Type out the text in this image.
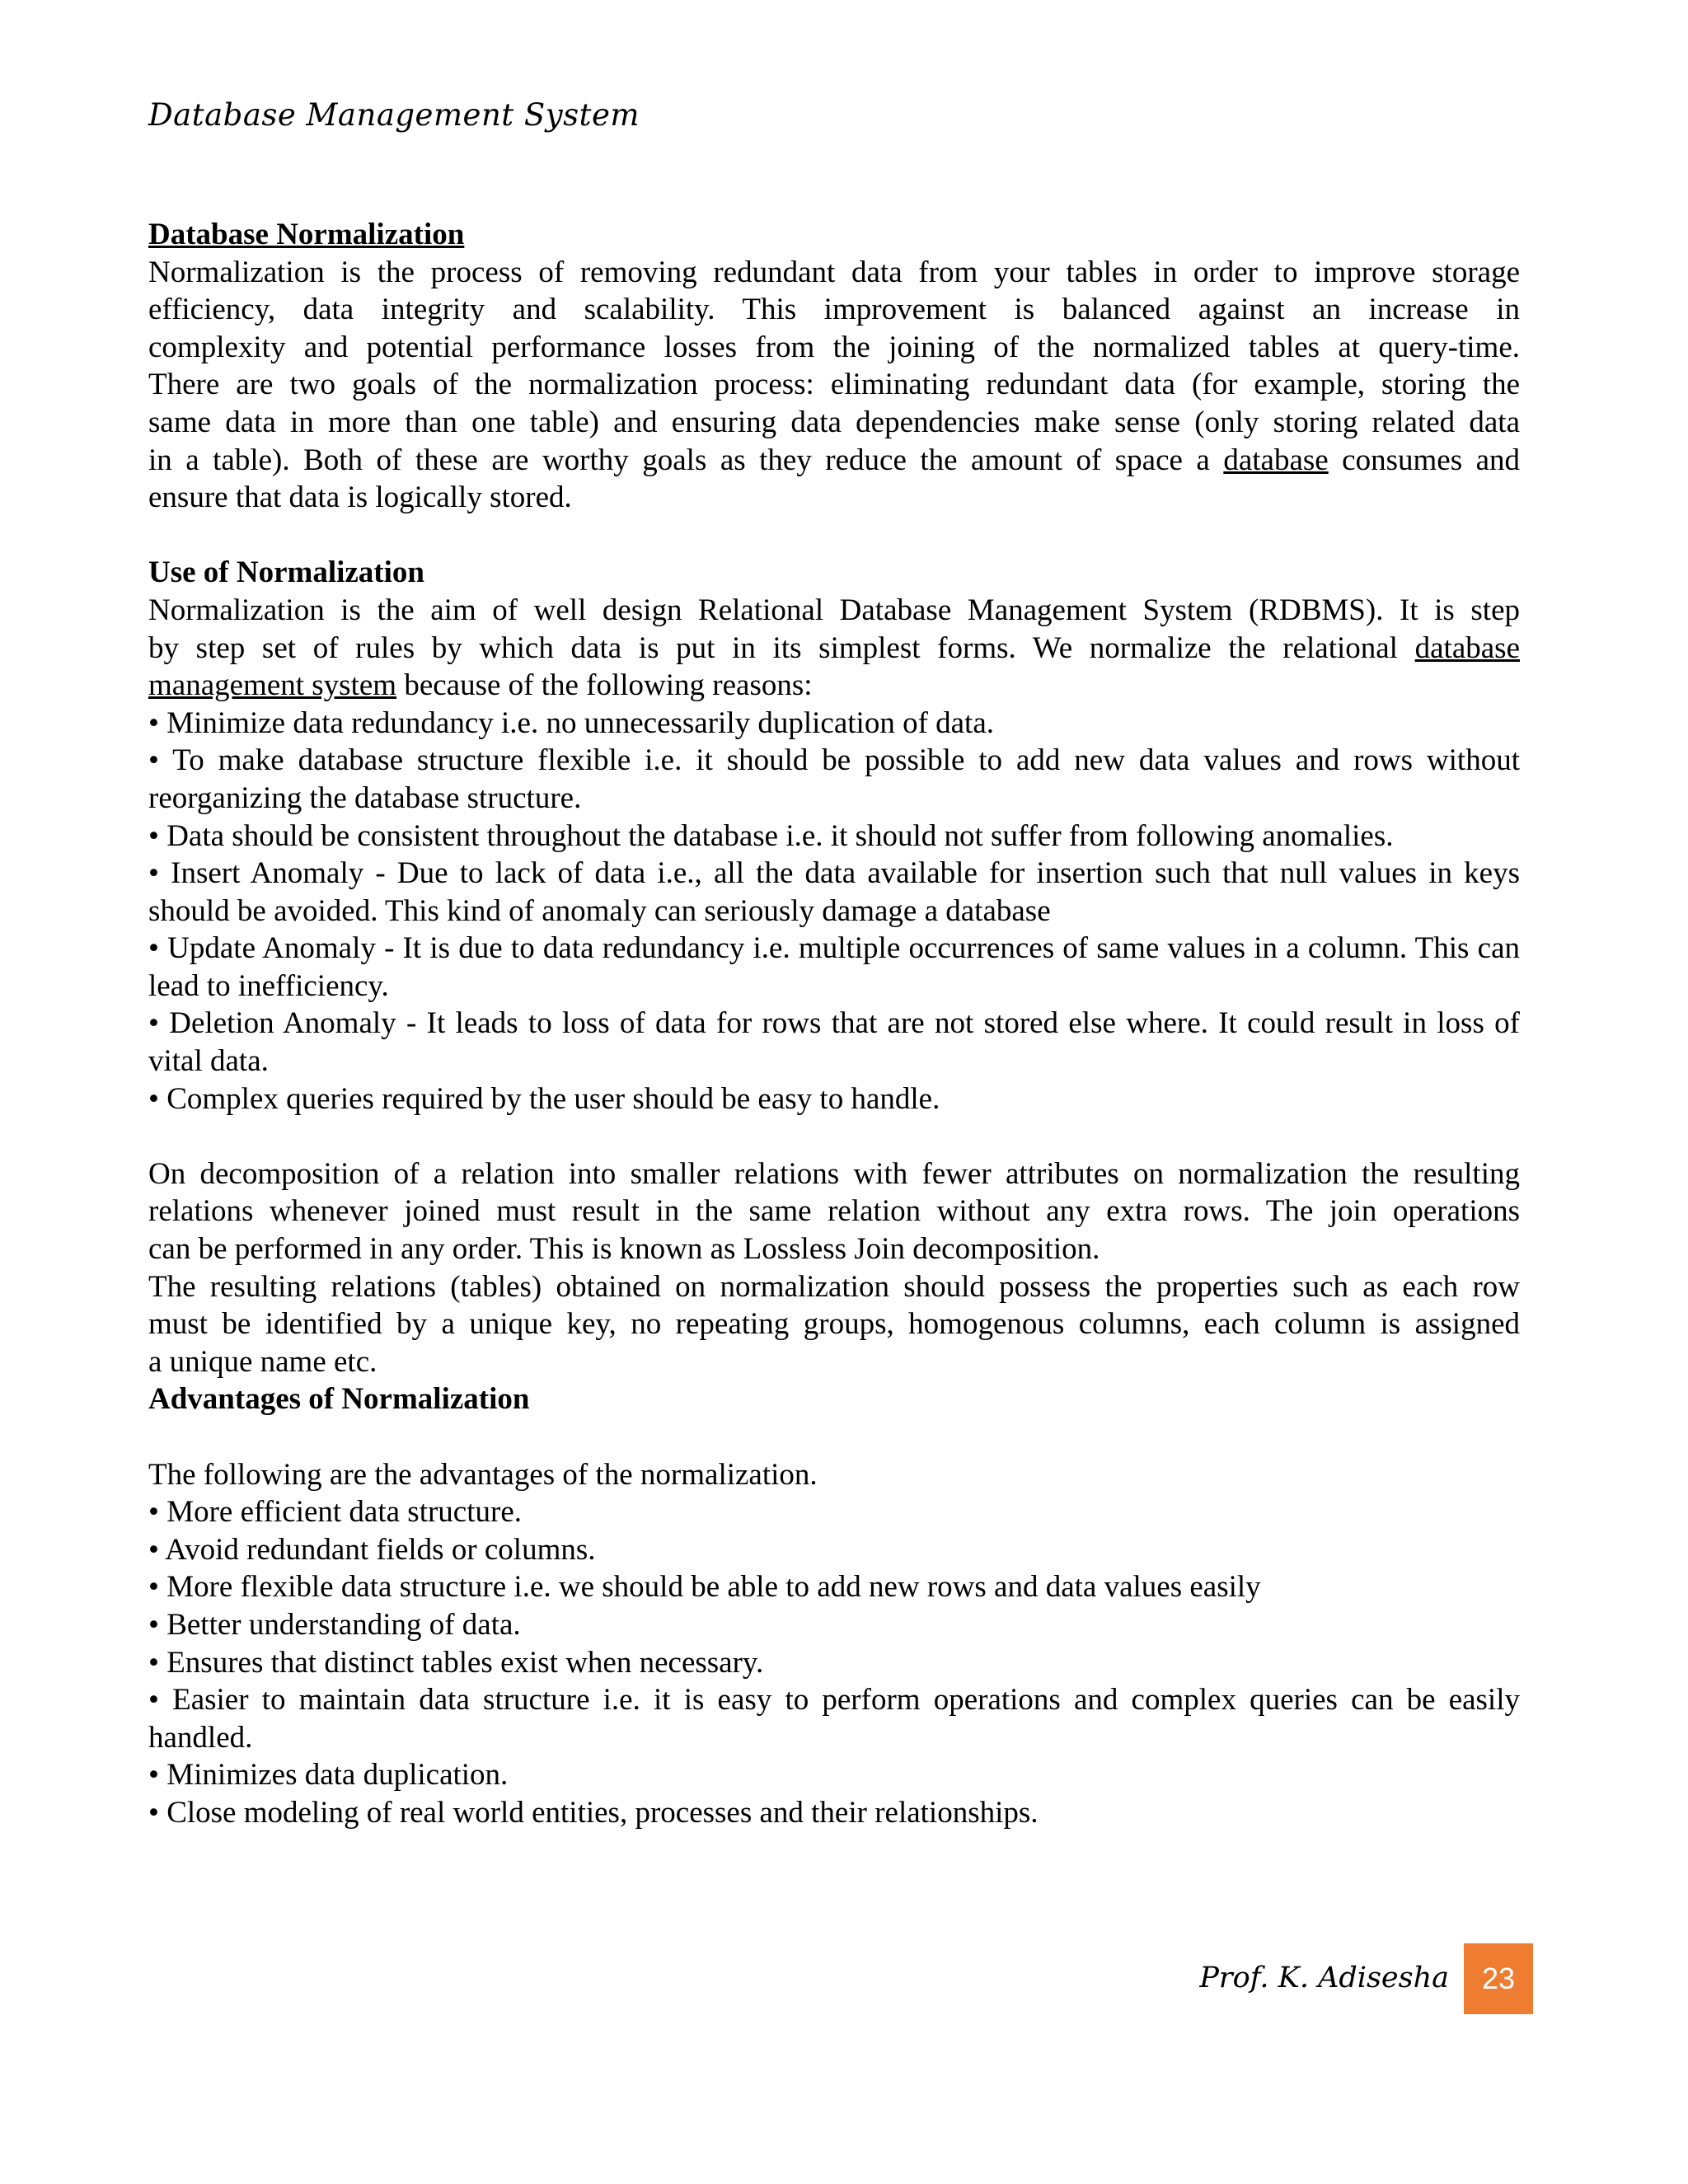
Database Management System

Database Normalization

Normalization is the process of removing redundant data from your tables in order to improve storage

efficiency, data integrity and scalability. This improvement is balanced against an increase in

complexity and potential performance losses from the joining of the normalized tables at query-time.

There are two goals of the normalization process: eliminating redundant data (for example, storing the

same data in more than one table) and ensuring data dependencies make sense (only storing related data

in a table). Both of these are worthy goals as they reduce the amount of space a database consumes and

ensure that data is logically stored.

Use of Normalization

Normalization is the aim of well design Relational Database Management System (RDBMS). It is step

by step set of rules by which data is put in its simplest forms. We normalize the relational database

management system because of the following reasons:

• Minimize data redundancy i.e. no unnecessarily duplication of data.

• To make database structure flexible i.e. it should be possible to add new data values and rows without reorganizing the database structure.

• Data should be consistent throughout the database i.e. it should not suffer from following anomalies.

• Insert Anomaly - Due to lack of data i.e., all the data available for insertion such that null values in keys should be avoided. This kind of anomaly can seriously damage a database

• Update Anomaly - It is due to data redundancy i.e. multiple occurrences of same values in a column. This can lead to inefficiency.

• Deletion Anomaly - It leads to loss of data for rows that are not stored else where. It could result in loss of vital data.

• Complex queries required by the user should be easy to handle.

On decomposition of a relation into smaller relations with fewer attributes on normalization the resulting

relations whenever joined must result in the same relation without any extra rows. The join operations

can be performed in any order. This is known as Lossless Join decomposition.

The resulting relations (tables) obtained on normalization should possess the properties such as each row

must be identified by a unique key, no repeating groups, homogenous columns, each column is assigned

a unique name etc.

Advantages of Normalization

The following are the advantages of the normalization.

• More efficient data structure.

• Avoid redundant fields or columns.

• More flexible data structure i.e. we should be able to add new rows and data values easily

• Better understanding of data.

• Ensures that distinct tables exist when necessary.

• Easier to maintain data structure i.e. it is easy to perform operations and complex queries can be easily handled.

• Minimizes data duplication.

• Close modeling of real world entities, processes and their relationships.

Prof. K. Adisesha	23
